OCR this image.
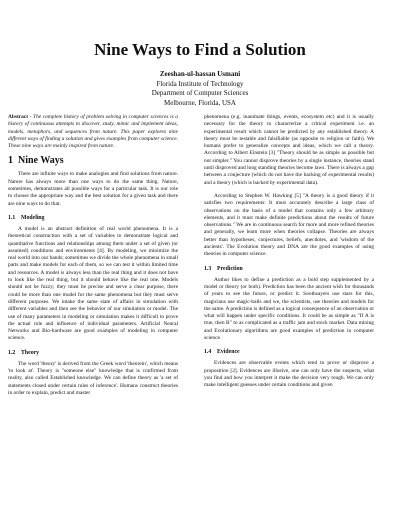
Nine Ways to Find a Solution
Zeeshan-ul-hassan Usmani
Florida Institute of Technology
Department of Computer Sciences
Melbourne, Florida, USA

Abstract - The complete history of problem solving in computer sciences is a history of continuous attempts to discover, study, mimic and implement ideas, models, metaphors, and sequences from nature. This paper explores nine different ways of finding a solution and gives examples from computer science. These nine ways are mainly inspired from nature.

1 Nine Ways

There are infinite ways to make analogies and find solutions from nature. Nature has always more than one ways to do the same thing. Nature, sometimes, demonstrates all possible ways for a particular task. It is our role to choose the appropriate way and the best solution for a given task and there are nine ways to do that.

1.1 Modeling

A model is an abstract definition of real world phenomena. It is a theoretical construction with a set of variables to demonstrate logical and quantitative functions and relationships among them under a set of given (or assumed) conditions and environments [4]. By modeling, we minimize the real world into our hands; sometimes we divide the whole phenomena in small parts and make models for each of them, so we can test it within limited time and resources. A model is always less than the real thing and it does not have to look like the real thing, but it should behave like the real one. Models should not be fuzzy; they must be precise and serve a clear purpose, there could be more than one model for the same phenomena but they must serve different purposes. We intake the same state of affairs in simulation with different variables and then see the behavior of our simulation or model. The use of many parameters in modeling or simulation makes it difficult to prove the actual role and influence of individual parameters. Artificial Neural Networks and Bio-hardware are good examples of modeling in computer science.

1.2 Theory

The word 'theory' is derived from the Greek word 'theorein', which means 'to look at'. Theory is "someone else" knowledge that is confirmed from reality, also called Established knowledge. We can define theory as 'a set of statements closed under certain rules of inference'. Humans construct theories in order to explain, predict and master

phenomena (e.g. inanimate things, events, ecosystem etc) and it is usually necessary for the theory to characterize a critical experiment i.e. an experimental result which cannot be predicted by any established theory. A theory must be testable and falsifiable (as opposite to religion or faith). We humans prefer to generalize concepts and ideas, which we call a theory. According to Albert Einstein [3] "Theory should be as simple as possible but not simpler." You cannot disprove theories by a single instance, theories stand until disproved and long standing theories become laws. There is always a gap between a conjecture (which do not have the backing of experimental results) and a theory (which is backed by experimental data).

According to Stephen W. Hawking [5] "A theory is a good theory if it satisfies two requirements: It must accurately describe a large class of observations on the basis of a model that contains only a few arbitrary elements, and it must make definite predictions about the results of future observations." We are in continuous search for more and more refined theories and generally, we learn more when theories collapse. Theories are always better than hypotheses, conjectures, beliefs, anecdotes, and 'wisdom of the ancients'. The Evolution theory and DNA are the good examples of using theories in computer science.

1.3 Prediction

Author likes to define a prediction as a bold step supplemented by a model or theory (or both). Prediction has been the ancient wish for thousands of years to see the future, or predict it. Soothsayers use stars for this, magicians use magic-balls and we, the scientists, use theories and models for the same. A prediction is defined as a logical consequence of an observation or what will happen under specific conditions. It could be as simple as "If A is true, then B" to as complicated as a traffic jam and stock market. Data mining and Evolutionary algorithms are good examples of prediction in computer science.

1.4 Evidence

Evidences are observable events which tend to prove or disprove a proposition [2]. Evidences are illusive, one can only have the suspects, what you find and how you interpret it make the decision very tough. We can only make intelligent guesses under certain conditions and given
